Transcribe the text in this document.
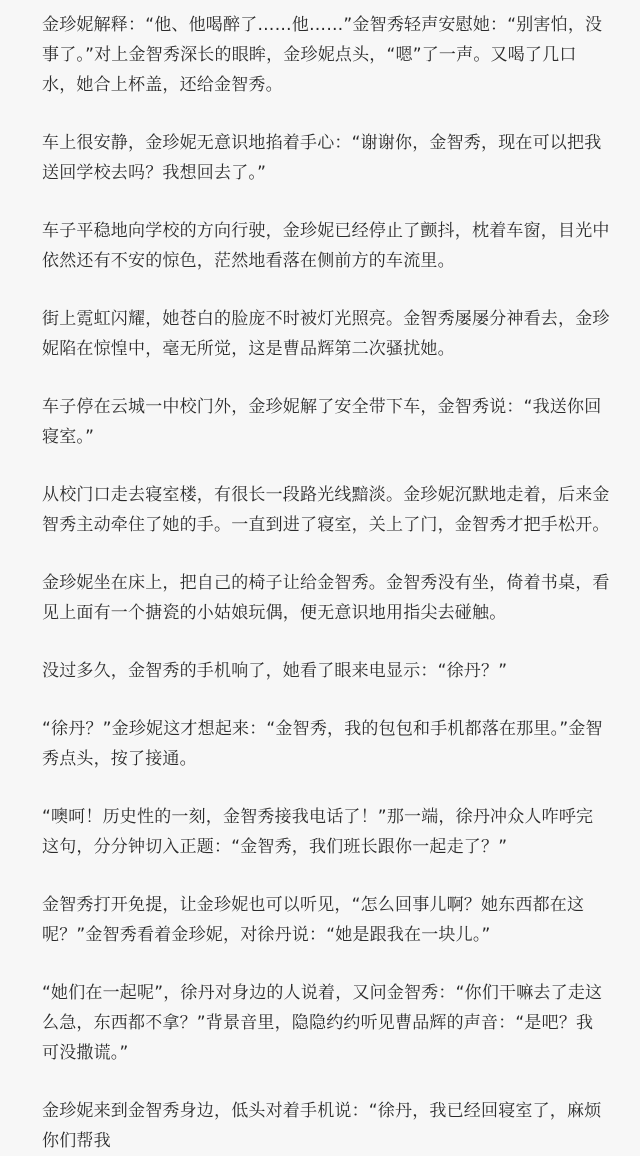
金珍妮解释：“他、他喝醉了……他……”金智秀轻声安慰她：“别害怕，没事了。”对上金智秀深长的眼眸，金珍妮点头，“嗯”了一声。又喝了几口水，她合上杯盖，还给金智秀。

车上很安静，金珍妮无意识地掐着手心：“谢谢你，金智秀，现在可以把我送回学校去吗？我想回去了。”

车子平稳地向学校的方向行驶，金珍妮已经停止了颤抖，枕着车窗，目光中依然还有不安的惊色，茫然地看落在侧前方的车流里。

街上霓虹闪耀，她苍白的脸庞不时被灯光照亮。金智秀屡屡分神看去，金珍妮陷在惊惶中，毫无所觉，这是曹品辉第二次骚扰她。

车子停在云城一中校门外，金珍妮解了安全带下车，金智秀说：“我送你回寝室。”

从校门口走去寝室楼，有很长一段路光线黯淡。金珍妮沉默地走着，后来金智秀主动牵住了她的手。一直到进了寝室，关上了门，金智秀才把手松开。

金珍妮坐在床上，把自己的椅子让给金智秀。金智秀没有坐，倚着书桌，看见上面有一个搪瓷的小姑娘玩偶，便无意识地用指尖去碰触。

没过多久，金智秀的手机响了，她看了眼来电显示：“徐丹？”

“徐丹？”金珍妮这才想起来：“金智秀，我的包包和手机都落在那里。”金智秀点头，按了接通。

“噢呵！历史性的一刻，金智秀接我电话了！”那一端，徐丹冲众人咋呼完这句，分分钟切入正题：“金智秀，我们班长跟你一起走了？”

金智秀打开免提，让金珍妮也可以听见，“怎么回事儿啊？她东西都在这呢？”金智秀看着金珍妮，对徐丹说：“她是跟我在一块儿。”

“她们在一起呢”，徐丹对身边的人说着，又问金智秀：“你们干嘛去了走这么急，东西都不拿？”背景音里，隐隐约约听见曹品辉的声音：“是吧？我可没撒谎。”

金珍妮来到金智秀身边，低头对着手机说：“徐丹，我已经回寝室了，麻烦你们帮我
